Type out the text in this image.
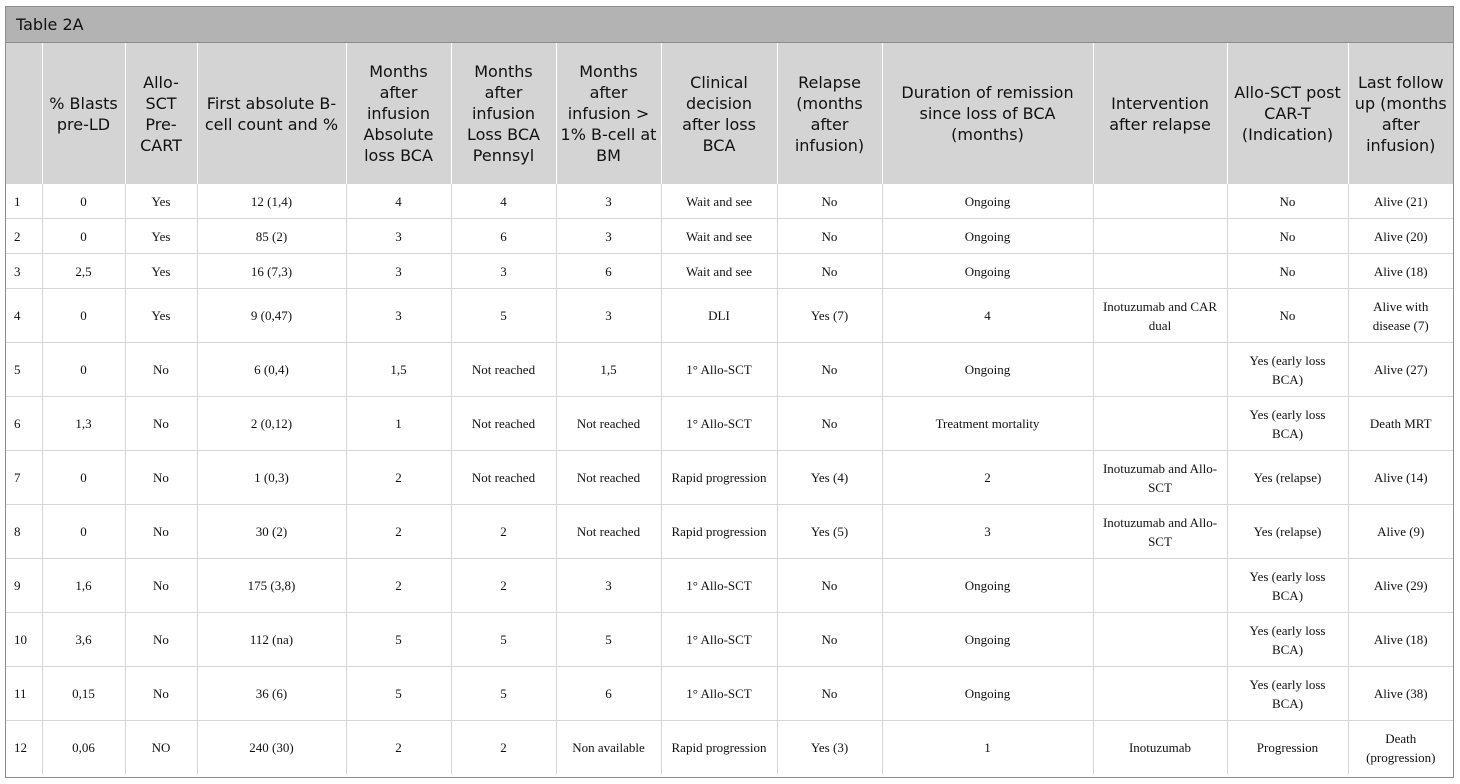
Table 2A
	% Blasts pre-LD	Allo-SCT Pre-CART	First absolute B-cell count and %	Months after infusion Absolute loss BCA	Months after infusion Loss BCA Pennsyl	Months after infusion > 1% B-cell at BM	Clinical decision after loss BCA	Relapse (months after infusion)	Duration of remission since loss of BCA (months)	Intervention after relapse	Allo-SCT post CAR-T (Indication)	Last follow up (months after infusion)
1	0	Yes	12 (1,4)	4	4	3	Wait and see	No	Ongoing		No	Alive (21)
2	0	Yes	85 (2)	3	6	3	Wait and see	No	Ongoing		No	Alive (20)
3	2,5	Yes	16 (7,3)	3	3	6	Wait and see	No	Ongoing		No	Alive (18)
4	0	Yes	9 (0,47)	3	5	3	DLI	Yes (7)	4	Inotuzumab and CAR dual	No	Alive with disease (7)
5	0	No	6 (0,4)	1,5	Not reached	1,5	1° Allo-SCT	No	Ongoing		Yes (early loss BCA)	Alive (27)
6	1,3	No	2 (0,12)	1	Not reached	Not reached	1° Allo-SCT	No	Treatment mortality		Yes (early loss BCA)	Death MRT
7	0	No	1 (0,3)	2	Not reached	Not reached	Rapid progression	Yes (4)	2	Inotuzumab and Allo-SCT	Yes (relapse)	Alive (14)
8	0	No	30 (2)	2	2	Not reached	Rapid progression	Yes (5)	3	Inotuzumab and Allo-SCT	Yes (relapse)	Alive (9)
9	1,6	No	175 (3,8)	2	2	3	1° Allo-SCT	No	Ongoing		Yes (early loss BCA)	Alive (29)
10	3,6	No	112 (na)	5	5	5	1° Allo-SCT	No	Ongoing		Yes (early loss BCA)	Alive (18)
11	0,15	No	36 (6)	5	5	6	1° Allo-SCT	No	Ongoing		Yes (early loss BCA)	Alive (38)
12	0,06	NO	240 (30)	2	2	Non available	Rapid progression	Yes (3)	1	Inotuzumab	Progression	Death (progression)
